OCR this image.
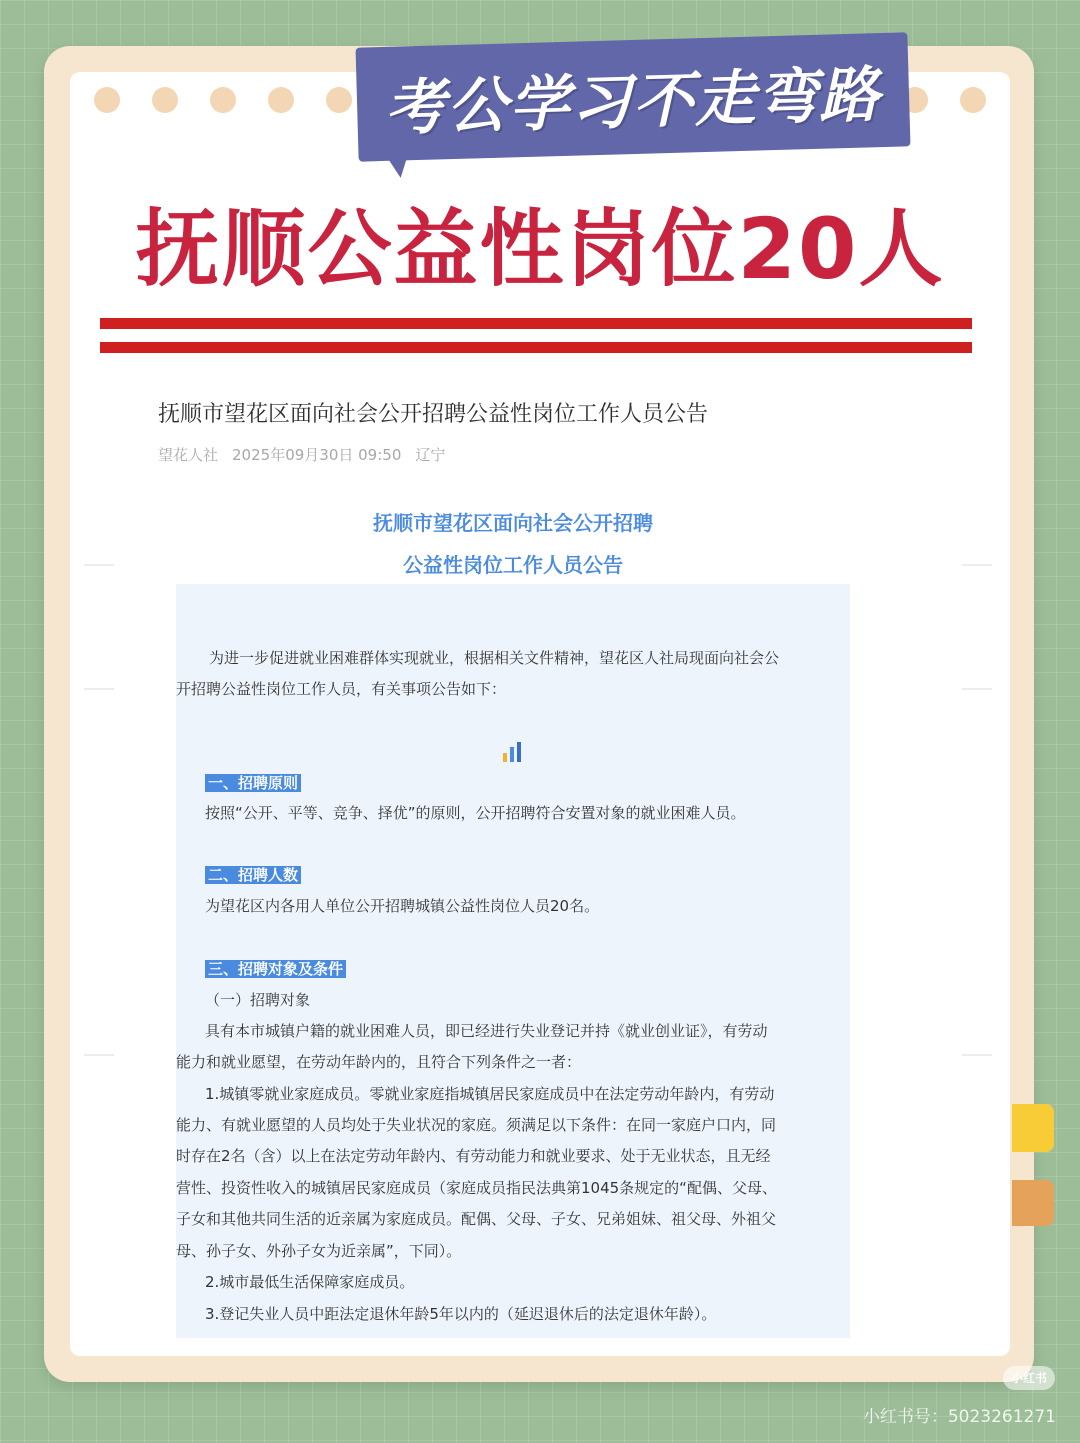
考公学习不走弯路
抚顺公益性岗位20人
抚顺市望花区面向社会公开招聘公益性岗位工作人员公告
望花人社 2025年09月30日 09:50 辽宁
抚顺市望花区面向社会公开招聘
公益性岗位工作人员公告
为进一步促进就业困难群体实现就业，根据相关文件精神，望花区人社局现面向社会公
开招聘公益性岗位工作人员，有关事项公告如下：
一、招聘原则
按照“公开、平等、竞争、择优”的原则，公开招聘符合安置对象的就业困难人员。
二、招聘人数
为望花区内各用人单位公开招聘城镇公益性岗位人员20名。
三、招聘对象及条件
（一）招聘对象
具有本市城镇户籍的就业困难人员，即已经进行失业登记并持《就业创业证》，有劳动
能力和就业愿望，在劳动年龄内的，且符合下列条件之一者：
1.城镇零就业家庭成员。零就业家庭指城镇居民家庭成员中在法定劳动年龄内，有劳动
能力、有就业愿望的人员均处于失业状况的家庭。须满足以下条件：在同一家庭户口内，同
时存在2名（含）以上在法定劳动年龄内、有劳动能力和就业要求、处于无业状态，且无经
营性、投资性收入的城镇居民家庭成员（家庭成员指民法典第1045条规定的“配偶、父母、
子女和其他共同生活的近亲属为家庭成员。配偶、父母、子女、兄弟姐妹、祖父母、外祖父
母、孙子女、外孙子女为近亲属”，下同）。
2.城市最低生活保障家庭成员。
3.登记失业人员中距法定退休年龄5年以内的（延迟退休后的法定退休年龄）。
小红书
小红书号：5023261271
